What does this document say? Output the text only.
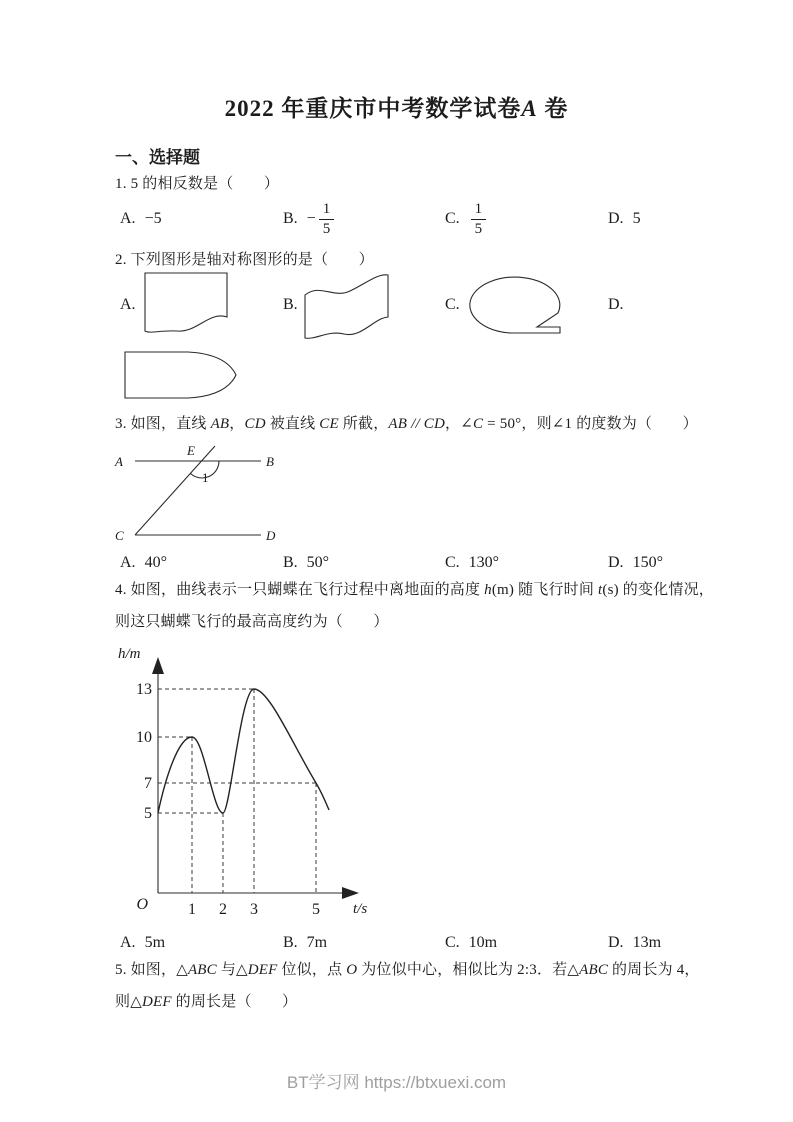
2022 年重庆市中考数学试卷A 卷
一、选择题
1. 5 的相反数是（　　）
A. −5	B. − $\frac{1}{5}$	C. $\frac{1}{5}$	D. 5
2. 下列图形是轴对称图形的是（　　）
A.	B.	C.	D.
3. 如图，直线 AB，CD 被直线 CE 所截，AB // CD，∠C = 50°，则∠1 的度数为（　　）
A	B
E
C	D
1
A. 40°	B. 50°	C. 130°	D. 150°
4. 如图，曲线表示一只蝴蝶在飞行过程中离地面的高度 h(m) 随飞行时间 t(s) 的变化情况，
则这只蝴蝶飞行的最高高度约为（　　）
h/m
t/s
13
10
7
5
O	1 2 3	5
A. 5m	B. 7m	C. 10m	D. 13m
5. 如图，△ABC 与△DEF 位似，点 O 为位似中心，相似比为 2:3．若△ABC 的周长为 4，
则△DEF 的周长是（　　）
BT学习网 https://btxuexi.com
